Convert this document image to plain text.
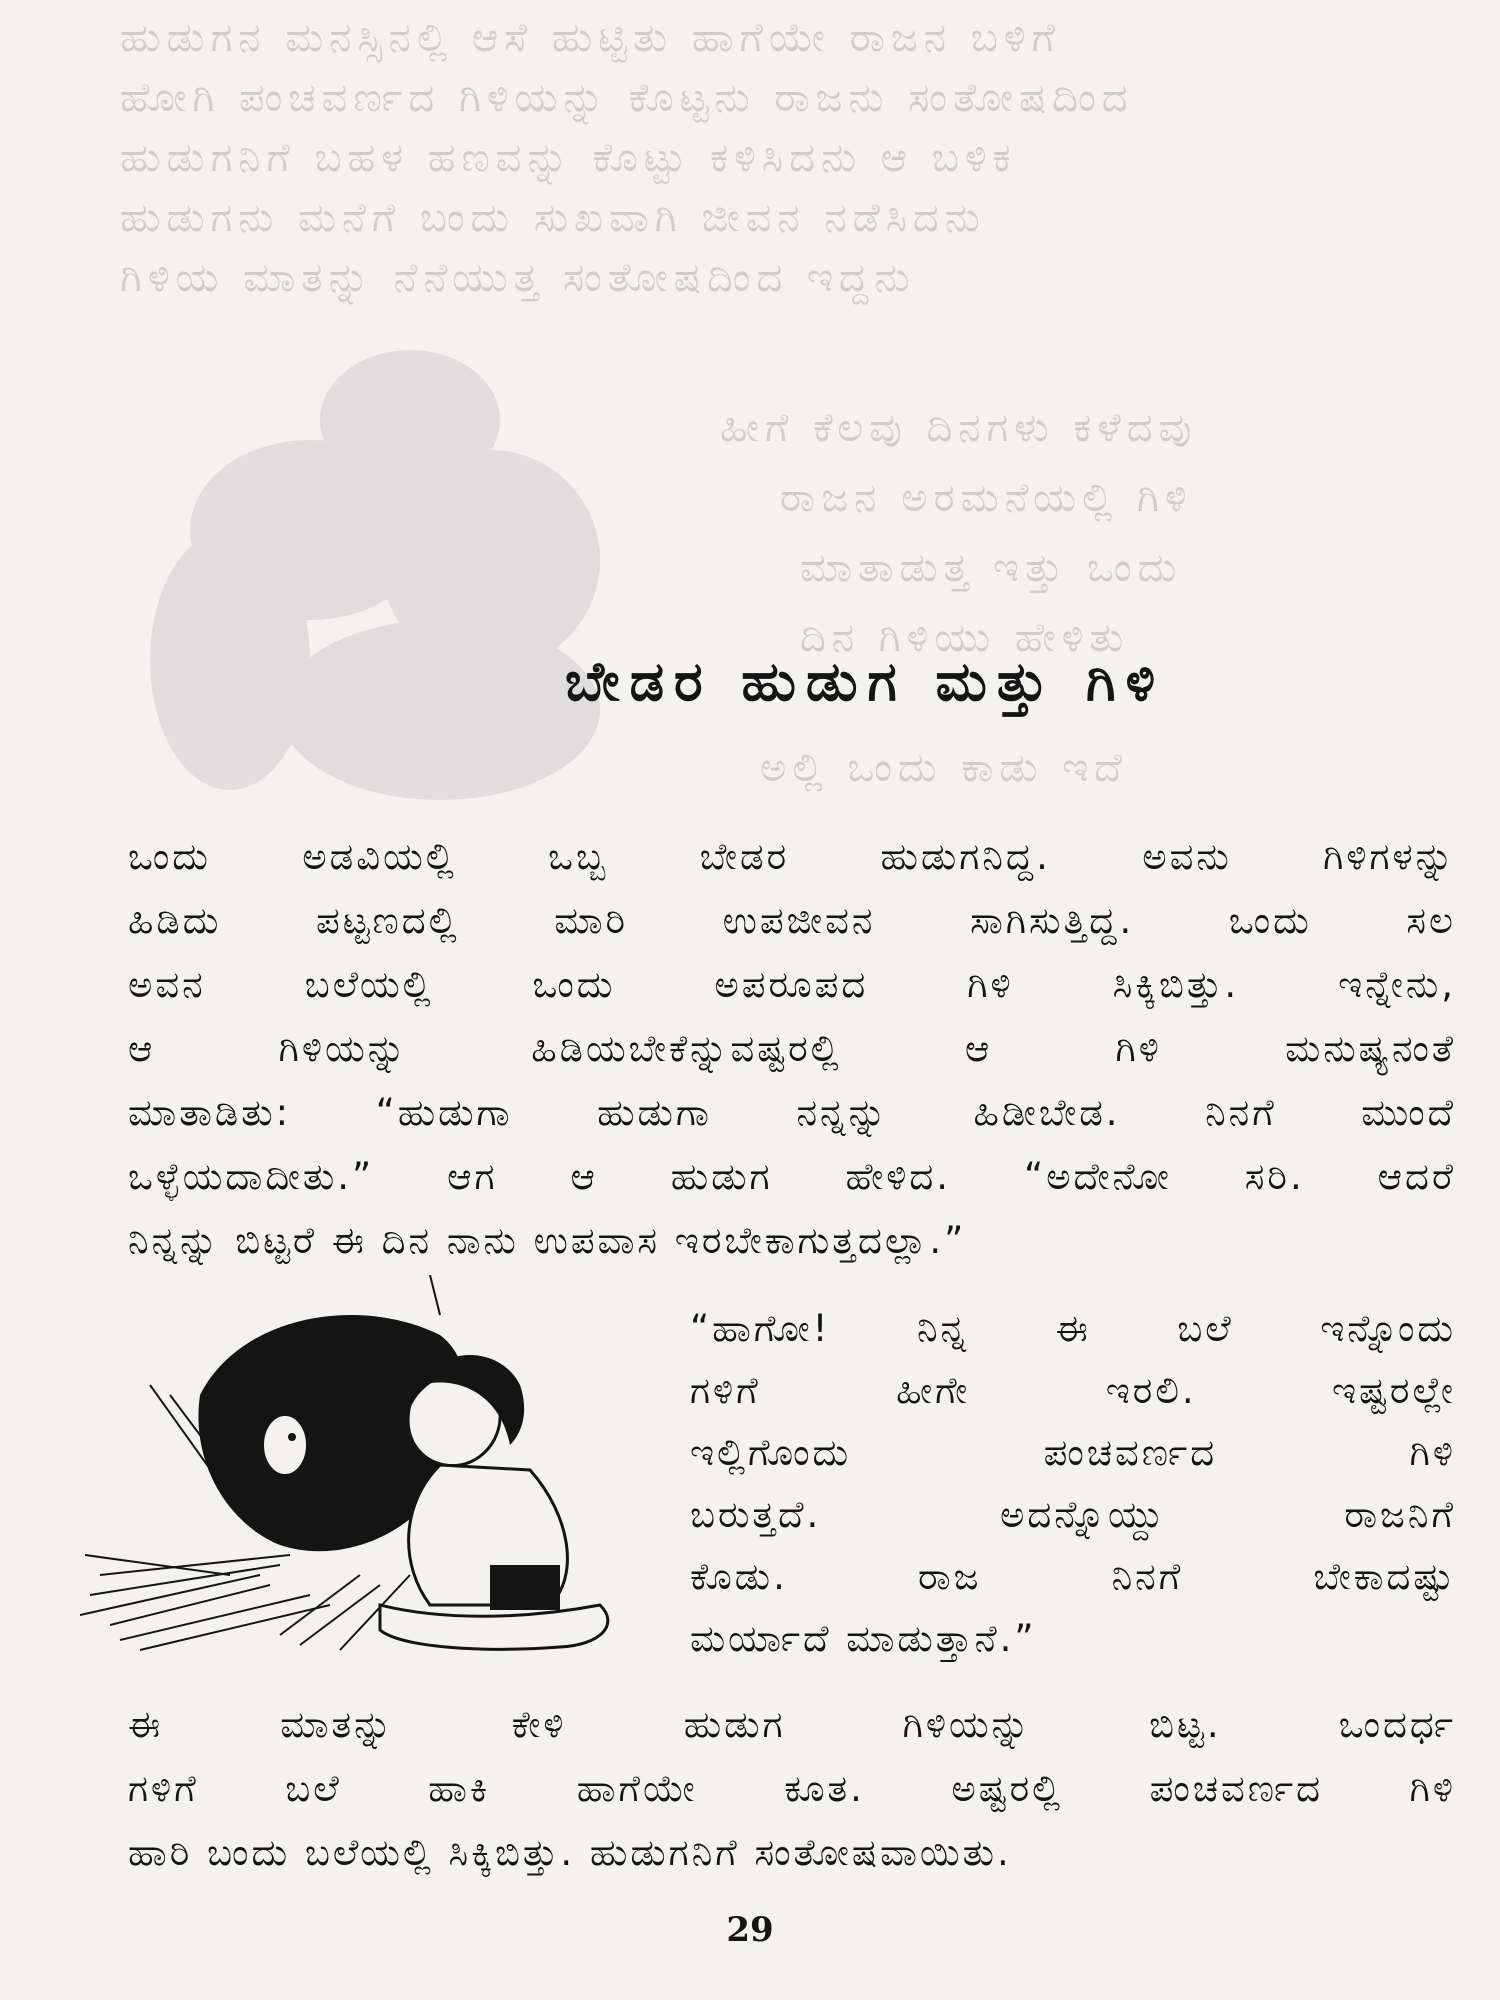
ಹುಡುಗನ ಮನಸ್ಸಿನಲ್ಲಿ ಆಸೆ ಹುಟ್ಟಿತು ಹಾಗೆಯೇ ರಾಜನ ಬಳಿಗೆ
ಹೋಗಿ ಪಂಚವರ್ಣದ ಗಿಳಿಯನ್ನು ಕೊಟ್ಟನು ರಾಜನು ಸಂತೋಷದಿಂದ
ಹುಡುಗನಿಗೆ ಬಹಳ ಹಣವನ್ನು ಕೊಟ್ಟು ಕಳಿಸಿದನು ಆ ಬಳಿಕ
ಹುಡುಗನು ಮನೆಗೆ ಬಂದು ಸುಖವಾಗಿ ಜೀವನ ನಡೆಸಿದನು
ಗಿಳಿಯ ಮಾತನ್ನು ನೆನೆಯುತ್ತ ಸಂತೋಷದಿಂದ ಇದ್ದನು
ಹೀಗೆ ಕೆಲವು ದಿನಗಳು ಕಳೆದವು
ರಾಜನ ಅರಮನೆಯಲ್ಲಿ ಗಿಳಿ
ಮಾತಾಡುತ್ತ ಇತ್ತು ಒಂದು
ದಿನ ಗಿಳಿಯು ಹೇಳಿತು
ಅಲ್ಲಿ ಒಂದು ಕಾಡು ಇದೆ
ಬೇಡರ ಹುಡುಗ ಮತ್ತು ಗಿಳಿ
ಒಂದು ಅಡವಿಯಲ್ಲಿ ಒಬ್ಬ ಬೇಡರ ಹುಡುಗನಿದ್ದ. ಅವನು ಗಿಳಿಗಳನ್ನು
ಹಿಡಿದು ಪಟ್ಟಣದಲ್ಲಿ ಮಾರಿ ಉಪಜೀವನ ಸಾಗಿಸುತ್ತಿದ್ದ. ಒಂದು ಸಲ
ಅವನ ಬಲೆಯಲ್ಲಿ ಒಂದು ಅಪರೂಪದ ಗಿಳಿ ಸಿಕ್ಕಿಬಿತ್ತು. ಇನ್ನೇನು,
ಆ ಗಿಳಿಯನ್ನು ಹಿಡಿಯಬೇಕೆನ್ನುವಷ್ಟರಲ್ಲಿ ಆ ಗಿಳಿ ಮನುಷ್ಯನಂತೆ
ಮಾತಾಡಿತು: “ಹುಡುಗಾ ಹುಡುಗಾ ನನ್ನನ್ನು ಹಿಡೀಬೇಡ. ನಿನಗೆ ಮುಂದೆ
ಒಳ್ಳೆಯದಾದೀತು.” ಆಗ ಆ ಹುಡುಗ ಹೇಳಿದ. “ಅದೇನೋ ಸರಿ. ಆದರೆ
ನಿನ್ನನ್ನು ಬಿಟ್ಟರೆ ಈ ದಿನ ನಾನು ಉಪವಾಸ ಇರಬೇಕಾಗುತ್ತದಲ್ಲಾ.”
“ಹಾಗೋ! ನಿನ್ನ ಈ ಬಲೆ ಇನ್ನೊಂದು
ಗಳಿಗೆ ಹೀಗೇ ಇರಲಿ. ಇಷ್ಟರಲ್ಲೇ
ಇಲ್ಲಿಗೊಂದು ಪಂಚವರ್ಣದ ಗಿಳಿ
ಬರುತ್ತದೆ. ಅದನ್ನೊಯ್ದು ರಾಜನಿಗೆ
ಕೊಡು. ರಾಜ ನಿನಗೆ ಬೇಕಾದಷ್ಟು
ಮರ್ಯಾದೆ ಮಾಡುತ್ತಾನೆ.”
ಈ ಮಾತನ್ನು ಕೇಳಿ ಹುಡುಗ ಗಿಳಿಯನ್ನು ಬಿಟ್ಟ. ಒಂದರ್ಧ
ಗಳಿಗೆ ಬಲೆ ಹಾಕಿ ಹಾಗೆಯೇ ಕೂತ. ಅಷ್ಟರಲ್ಲಿ ಪಂಚವರ್ಣದ ಗಿಳಿ
ಹಾರಿ ಬಂದು ಬಲೆಯಲ್ಲಿ ಸಿಕ್ಕಿಬಿತ್ತು. ಹುಡುಗನಿಗೆ ಸಂತೋಷವಾಯಿತು.
29
